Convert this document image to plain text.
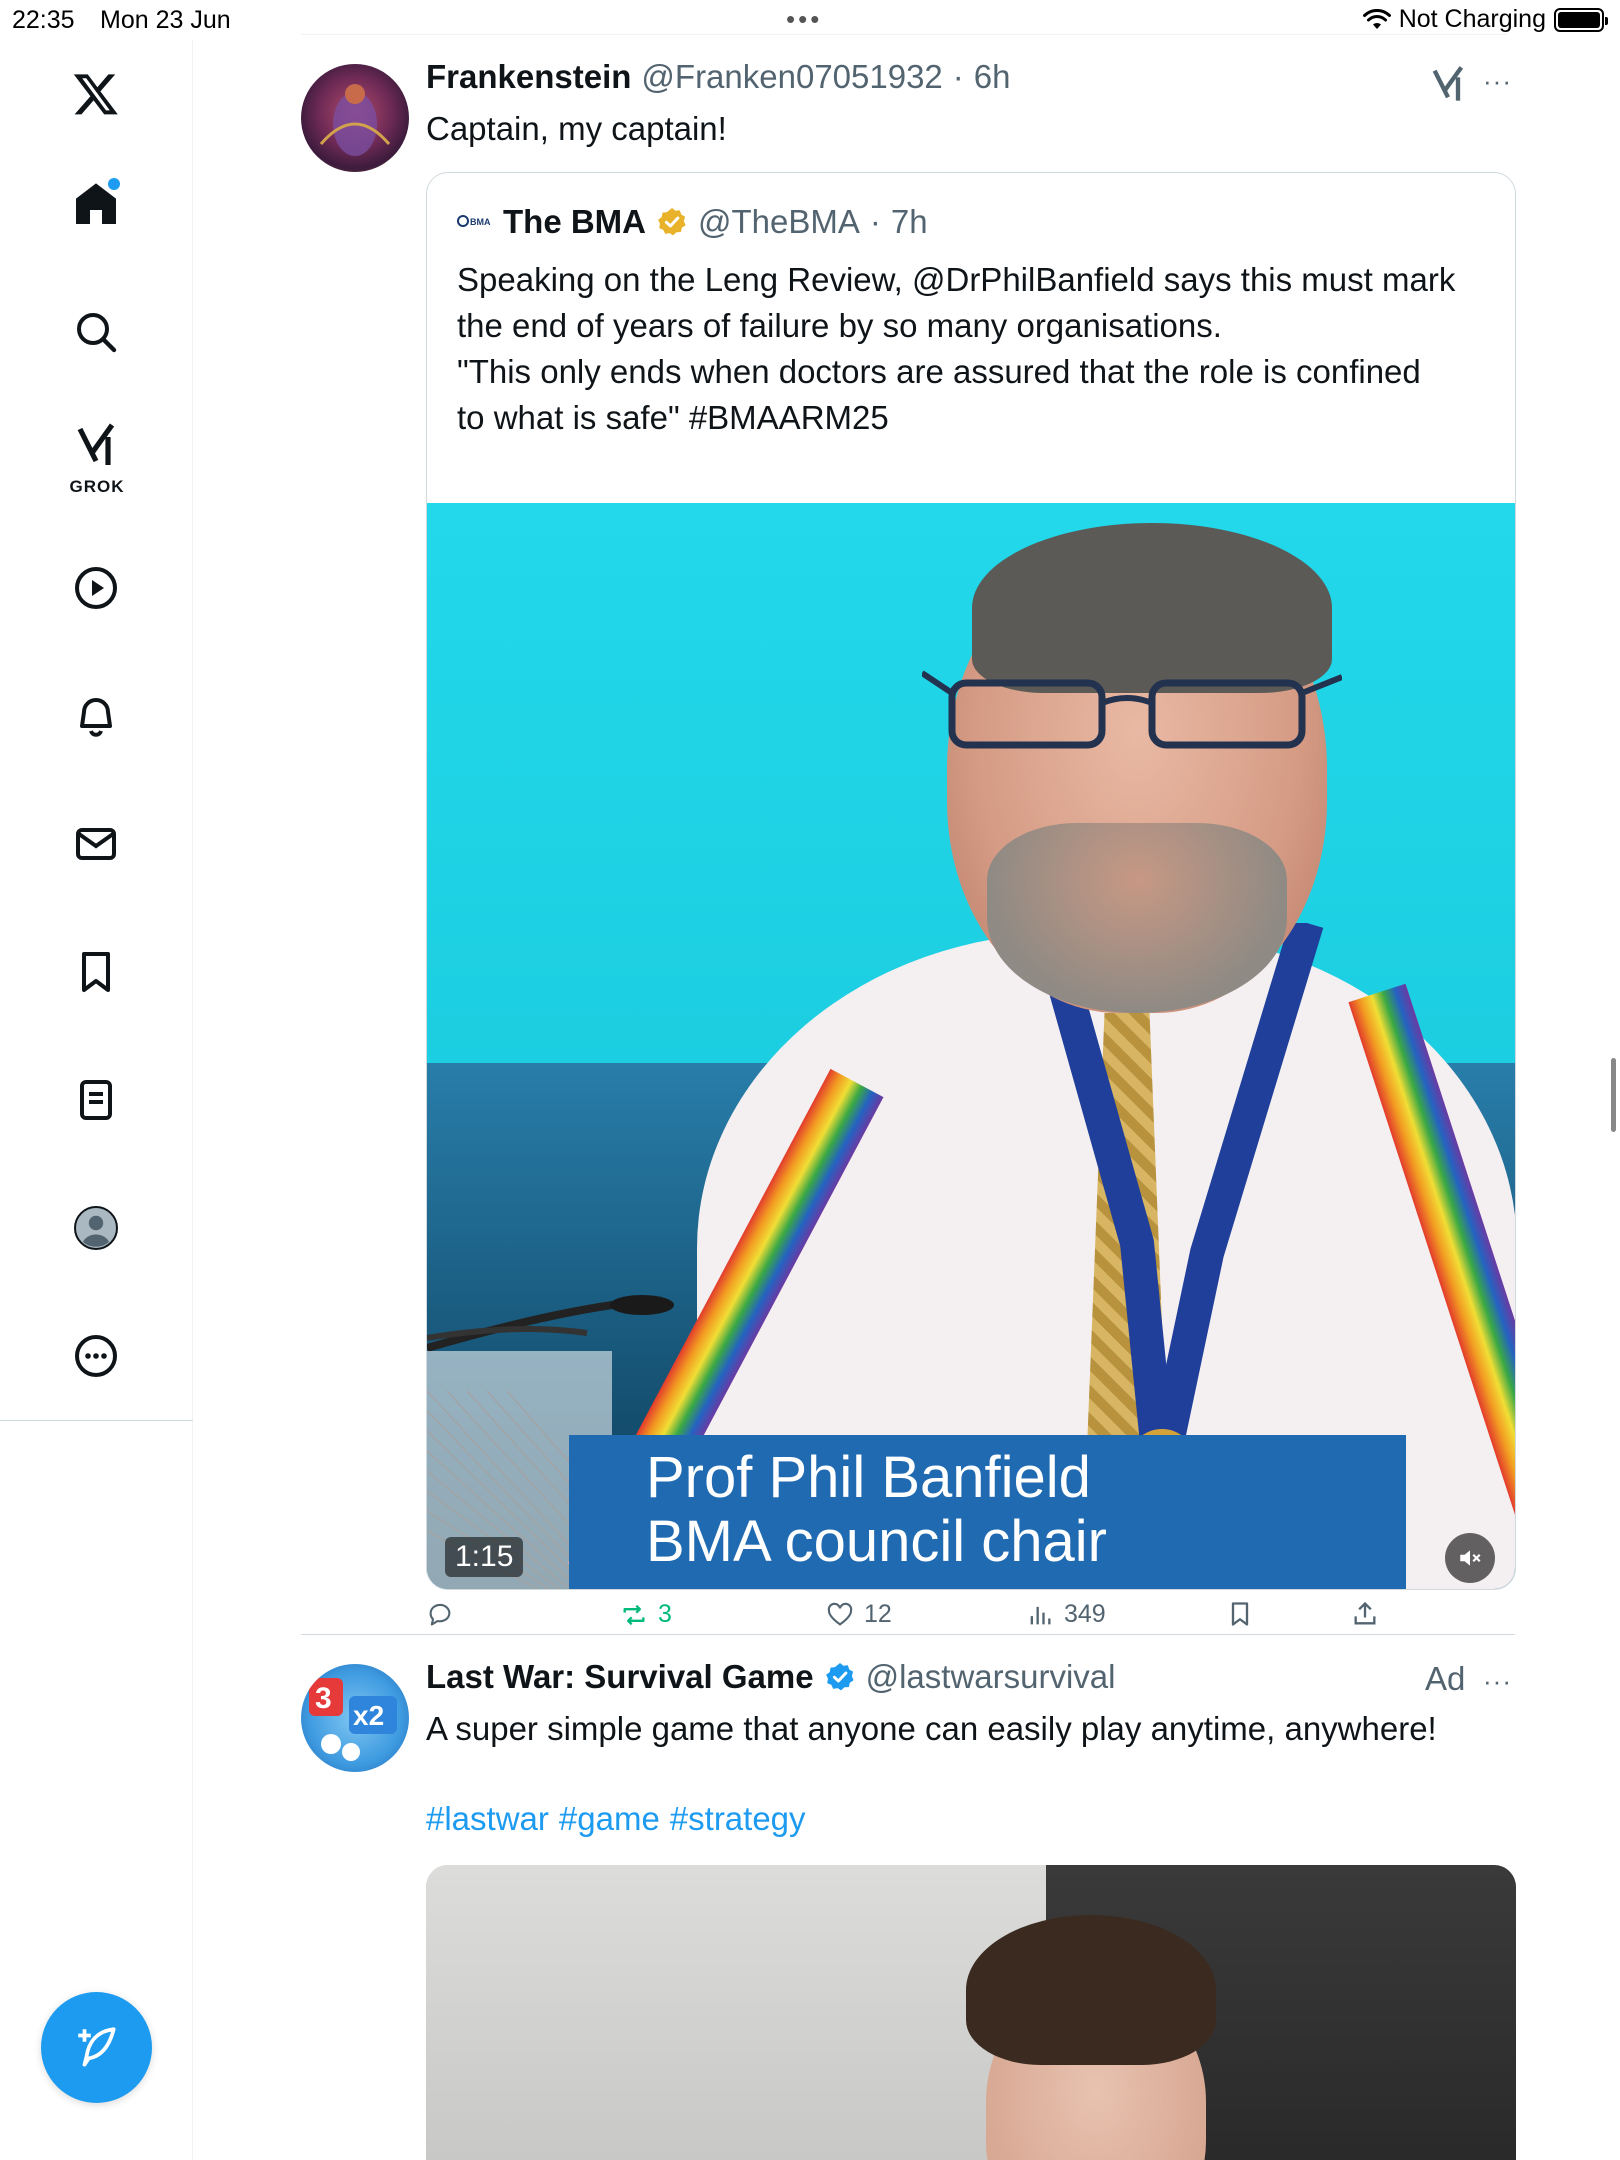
22:35 Mon 23 Jun	•••	Not Charging
GROK
Frankenstein @Franken07051932 · 6h	···
Captain, my captain!
BMA The BMA @TheBMA · 7h
Speaking on the Leng Review, @DrPhilBanfield says this must mark
the end of years of failure by so many organisations.
"This only ends when doctors are assured that the role is confined
to what is safe" #BMAARM25
Prof Phil Banfield
BMA council chair
1:15
3	12	349
3
x2
Last War: Survival Game @lastwarsurvival	Ad ···
A super simple game that anyone can easily play anytime, anywhere!
#lastwar #game #strategy
